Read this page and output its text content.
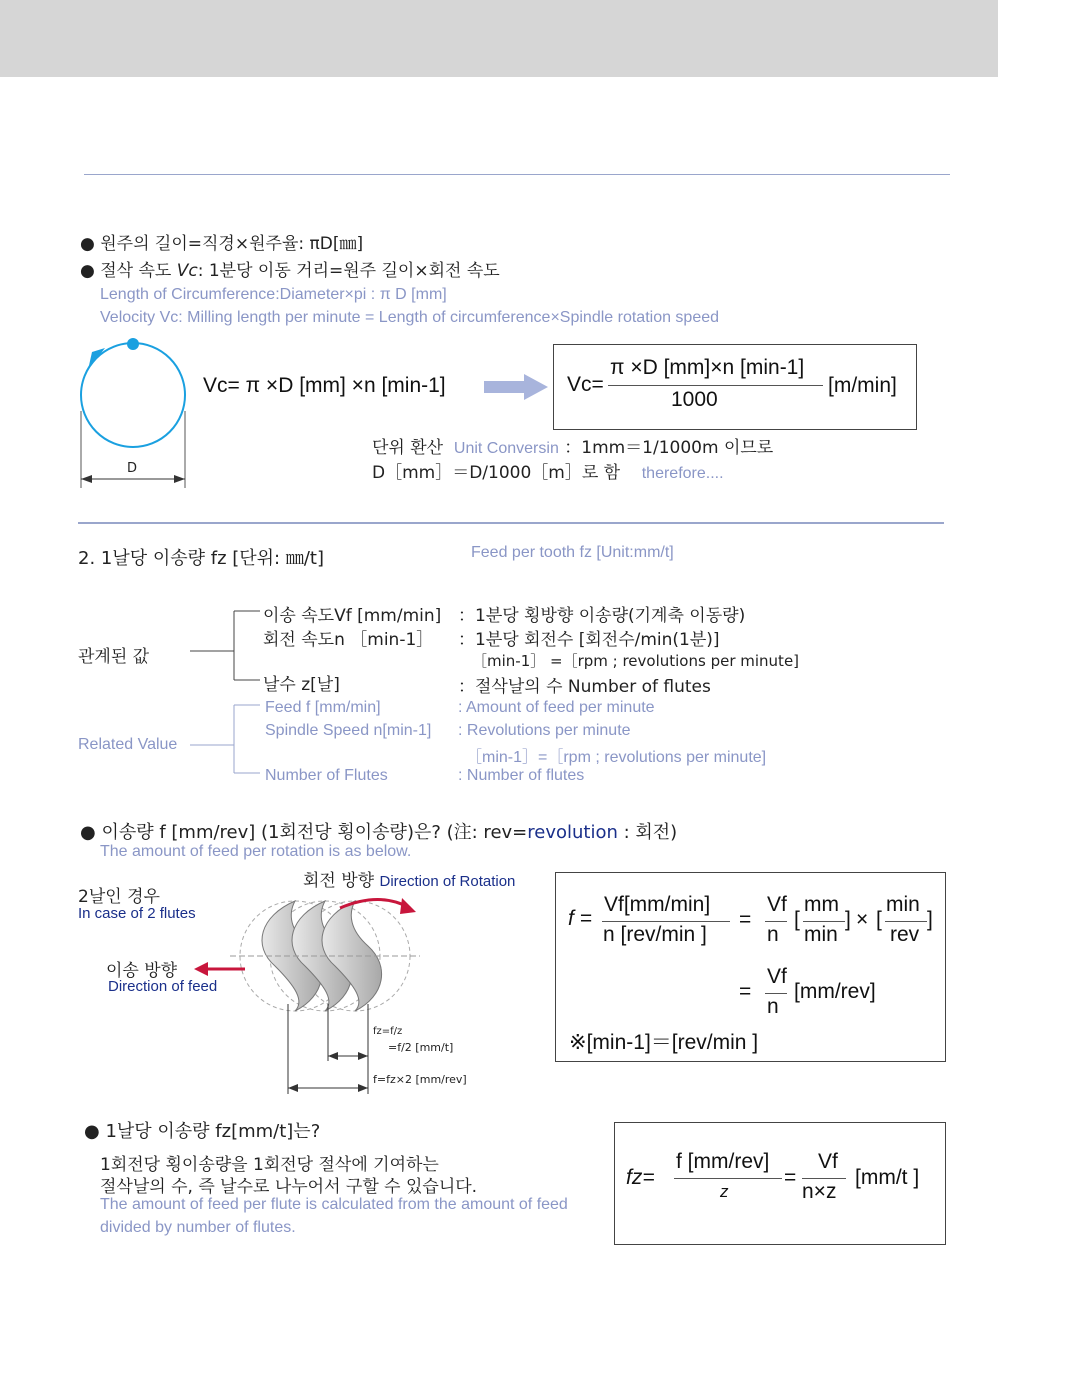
● 원주의 길이=직경×원주율: πD[㎜]
● 절삭 속도 Vc: 1분당 이동 거리=원주 길이×회전 속도
Length of Circumference:Diameter×pi : π D [mm]
Velocity Vc: Milling length per minute = Length of circumference×Spindle rotation speed
D
Vc= π ×D [mm] ×n [min-1]	Vc=
π ×D [mm]×n [min-1]
1000
[m/min]
단위 환산 Unit Conversin ：1mm＝1/1000m 이므로
D［mm］＝D/1000［m］로 함 therefore....
2. 1날당 이송량 fz [단위: ㎜/t]	Feed per tooth fz [Unit:mm/t]
관계된 값
Related Value
이송 속도Vf [mm/min] ：1분당 횡방향 이송량(기계축 이동량)
회전 속도n ［min-1］ ：1분당 회전수 [회전수/min(1분)]
［min-1］ =［rpm ; revolutions per minute]
날수 z[날]	：절삭날의 수 Number of flutes
Feed f [mm/min]	: Amount of feed per minute
Spindle Speed n[min-1] : Revolutions per minute
［min-1］=［rpm ; revolutions per minute]
Number of Flutes	: Number of flutes
● 이송량 f [mm/rev] (1회전당 횡이송량)은? (注: rev=revolution : 회전)
The amount of feed per rotation is as below.
2날인 경우
In case of 2 flutes
회전 방향 Direction of Rotation
이송 방향
Direction of feed
fz=f/z
=f/2 [mm/t]
f=fz×2 [mm/rev]
f =
Vf[mm/min]
n [rev/min ]
=
Vf
n
[
mm
min
] × [
min
rev
]
=
Vf
n
[mm/rev]
※[min-1]＝[rev/min ]
● 1날당 이송량 fz[mm/t]는?
1회전당 횡이송량을 1회전당 절삭에 기여하는
절삭날의 수, 즉 날수로 나누어서 구할 수 있습니다.
The amount of feed per flute is calculated from the amount of feed
divided by number of flutes.
fz=
f [mm/rev]
z
=
Vf
n×z
[mm/t ]
